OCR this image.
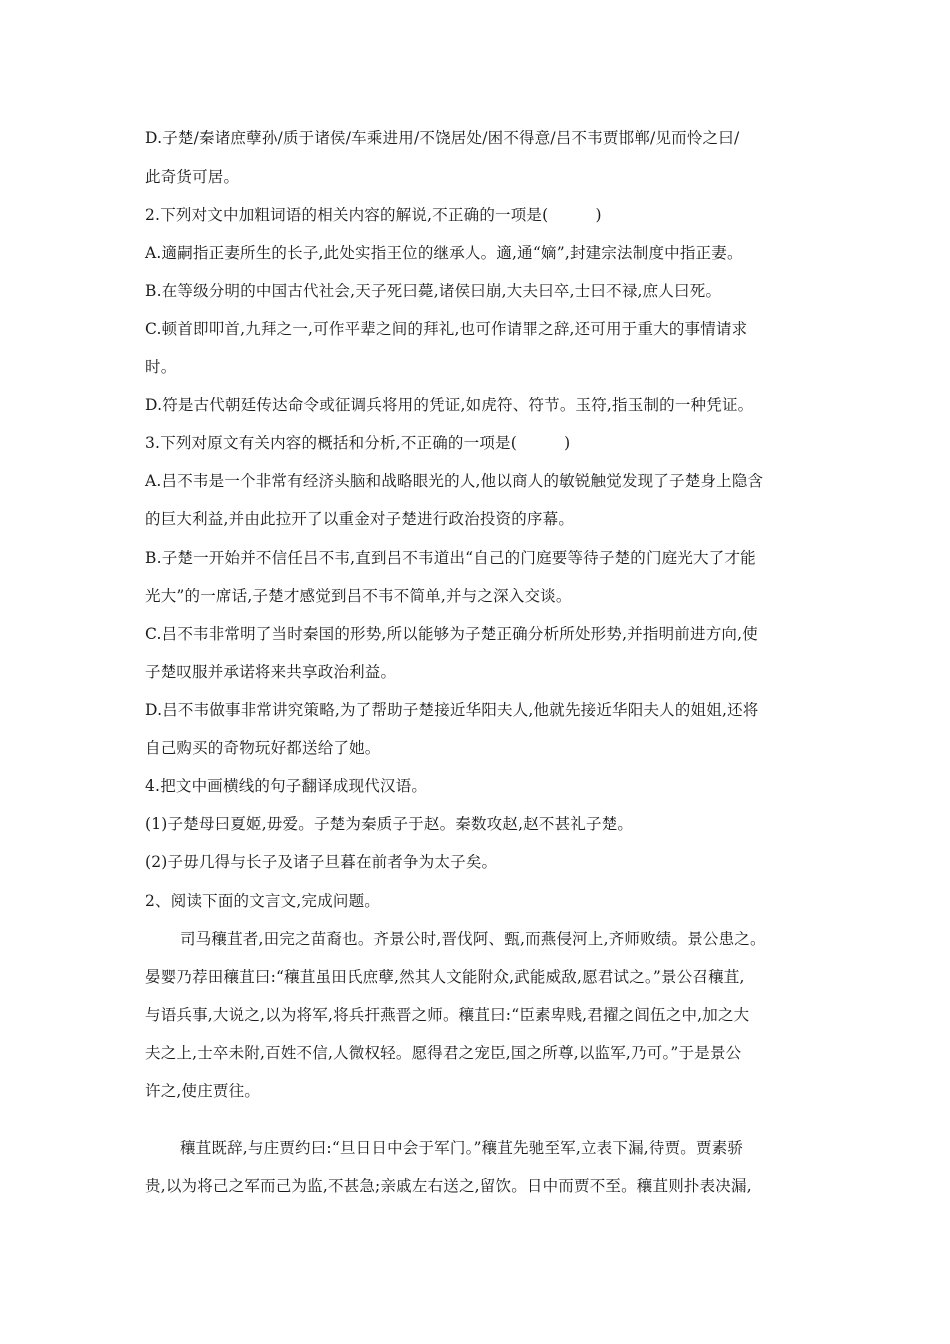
D.子楚/秦诸庶孽孙/质于诸侯/车乘进用/不饶居处/困不得意/吕不韦贾邯郸/见而怜之曰/
此奇货可居。
2.下列对文中加粗词语的相关内容的解说,不正确的一项是(　　　)
A.適嗣指正妻所生的长子,此处实指王位的继承人。適,通“嫡”,封建宗法制度中指正妻。
B.在等级分明的中国古代社会,天子死曰薨,诸侯曰崩,大夫曰卒,士曰不禄,庶人曰死。
C.顿首即叩首,九拜之一,可作平辈之间的拜礼,也可作请罪之辞,还可用于重大的事情请求
时。
D.符是古代朝廷传达命令或征调兵将用的凭证,如虎符、符节。玉符,指玉制的一种凭证。
3.下列对原文有关内容的概括和分析,不正确的一项是(　　　)
A.吕不韦是一个非常有经济头脑和战略眼光的人,他以商人的敏锐触觉发现了子楚身上隐含
的巨大利益,并由此拉开了以重金对子楚进行政治投资的序幕。
B.子楚一开始并不信任吕不韦,直到吕不韦道出“自己的门庭要等待子楚的门庭光大了才能
光大”的一席话,子楚才感觉到吕不韦不简单,并与之深入交谈。
C.吕不韦非常明了当时秦国的形势,所以能够为子楚正确分析所处形势,并指明前进方向,使
子楚叹服并承诺将来共享政治利益。
D.吕不韦做事非常讲究策略,为了帮助子楚接近华阳夫人,他就先接近华阳夫人的姐姐,还将
自己购买的奇物玩好都送给了她。
4.把文中画横线的句子翻译成现代汉语。
(1)子楚母曰夏姬,毋爱。子楚为秦质子于赵。秦数攻赵,赵不甚礼子楚。
(2)子毋几得与长子及诸子旦暮在前者争为太子矣。
2、阅读下面的文言文,完成问题。
司马穰苴者,田完之苗裔也。齐景公时,晋伐阿、甄,而燕侵河上,齐师败绩。景公患之。
晏婴乃荐田穰苴曰:“穰苴虽田氏庶孽,然其人文能附众,武能威敌,愿君试之。”景公召穰苴,
与语兵事,大说之,以为将军,将兵扞燕晋之师。穰苴曰:“臣素卑贱,君擢之闾伍之中,加之大
夫之上,士卒未附,百姓不信,人微权轻。愿得君之宠臣,国之所尊,以监军,乃可。”于是景公
许之,使庄贾往。
穰苴既辞,与庄贾约曰:“旦日日中会于军门。”穰苴先驰至军,立表下漏,待贾。贾素骄
贵,以为将己之军而己为监,不甚急;亲戚左右送之,留饮。日中而贾不至。穰苴则扑表决漏,
